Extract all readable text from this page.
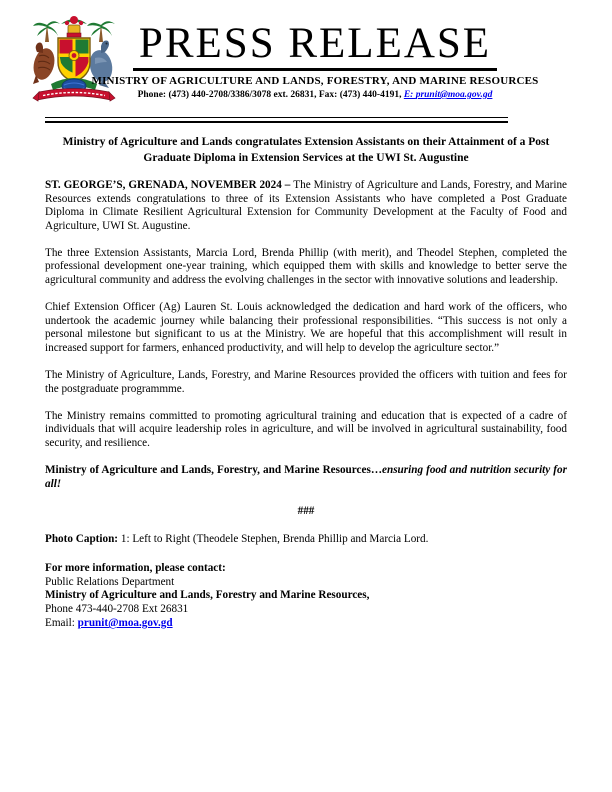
PRESS RELEASE
MINISTRY OF AGRICULTURE AND LANDS, FORESTRY, AND MARINE RESOURCES
Phone: (473) 440-2708/3386/3078 ext. 26831, Fax: (473) 440-4191, E: prunit@moa.gov.gd
Ministry of Agriculture and Lands congratulates Extension Assistants on their Attainment of a Post Graduate Diploma in Extension Services at the UWI St. Augustine

ST. GEORGE’S, GRENADA, NOVEMBER 2024 – The Ministry of Agriculture and Lands, Forestry, and Marine Resources extends congratulations to three of its Extension Assistants who have completed a Post Graduate Diploma in Climate Resilient Agricultural Extension for Community Development at the Faculty of Food and Agriculture, UWI St. Augustine.

The three Extension Assistants, Marcia Lord, Brenda Phillip (with merit), and Theodel Stephen, completed the professional development one-year training, which equipped them with skills and knowledge to better serve the agricultural community and address the evolving challenges in the sector with innovative solutions and leadership.

Chief Extension Officer (Ag) Lauren St. Louis acknowledged the dedication and hard work of the officers, who undertook the academic journey while balancing their professional responsibilities. “This success is not only a personal milestone but significant to us at the Ministry. We are hopeful that this accomplishment will result in increased support for farmers, enhanced productivity, and will help to develop the agriculture sector.”

The Ministry of Agriculture, Lands, Forestry, and Marine Resources provided the officers with tuition and fees for the postgraduate programmme.

The Ministry remains committed to promoting agricultural training and education that is expected of a cadre of individuals that will acquire leadership roles in agriculture, and will be involved in agricultural sustainability, food security, and resilience.

Ministry of Agriculture and Lands, Forestry, and Marine Resources…ensuring food and nutrition security for all!

###

Photo Caption: 1: Left to Right (Theodele Stephen, Brenda Phillip and Marcia Lord.

For more information, please contact:
Public Relations Department
Ministry of Agriculture and Lands, Forestry and Marine Resources,
Phone 473-440-2708 Ext 26831
Email: prunit@moa.gov.gd
